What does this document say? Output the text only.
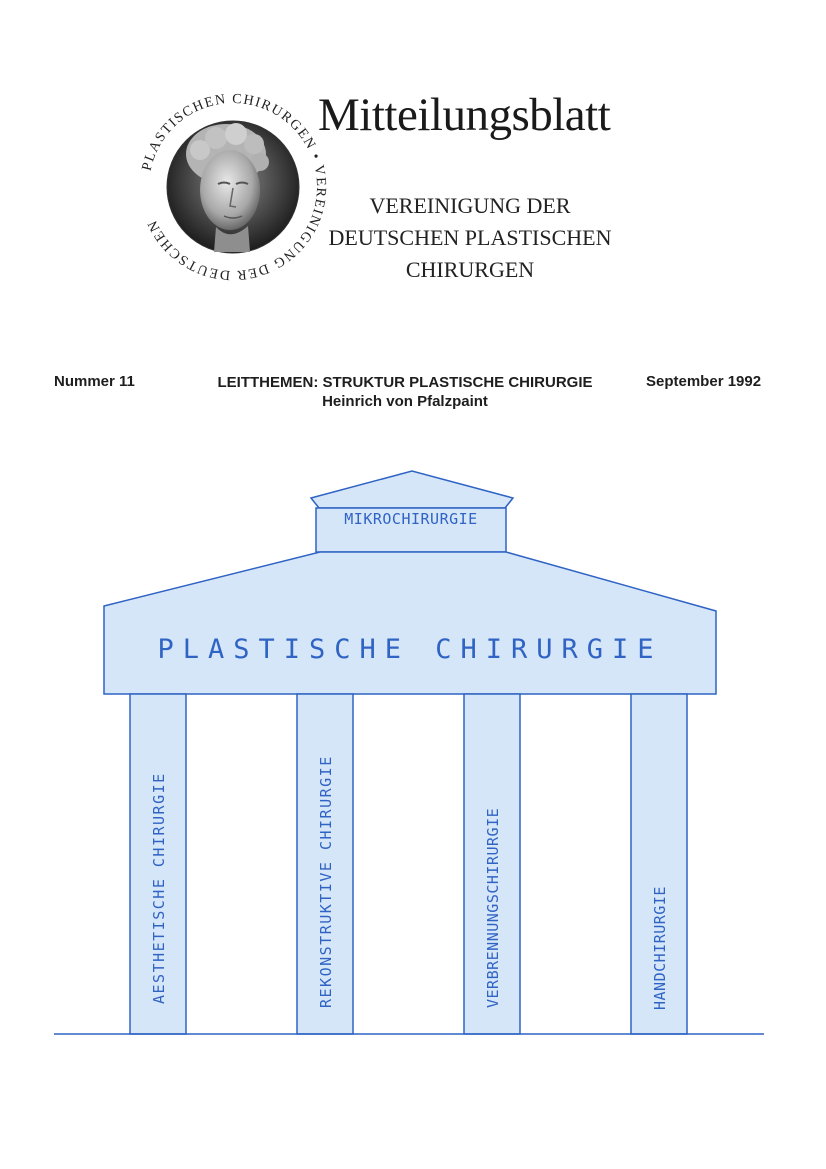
PLASTISCHEN CHIRURGEN • VEREINIGUNG DER DEUTSCHEN
Mitteilungsblatt
VEREINIGUNG DER
DEUTSCHEN PLASTISCHEN
CHIRURGEN
Nummer 11	LEITTHEMEN: STRUKTUR PLASTISCHE CHIRURGIE
Heinrich von Pfalzpaint
September 1992
MIKROCHIRURGIE
PLASTISCHE CHIRURGIE
AESTHETISCHE CHIRURGIE	REKONSTRUKTIVE CHIRURGIE	VERBRENNUNGSCHIRURGIE	HANDCHIRURGIE
